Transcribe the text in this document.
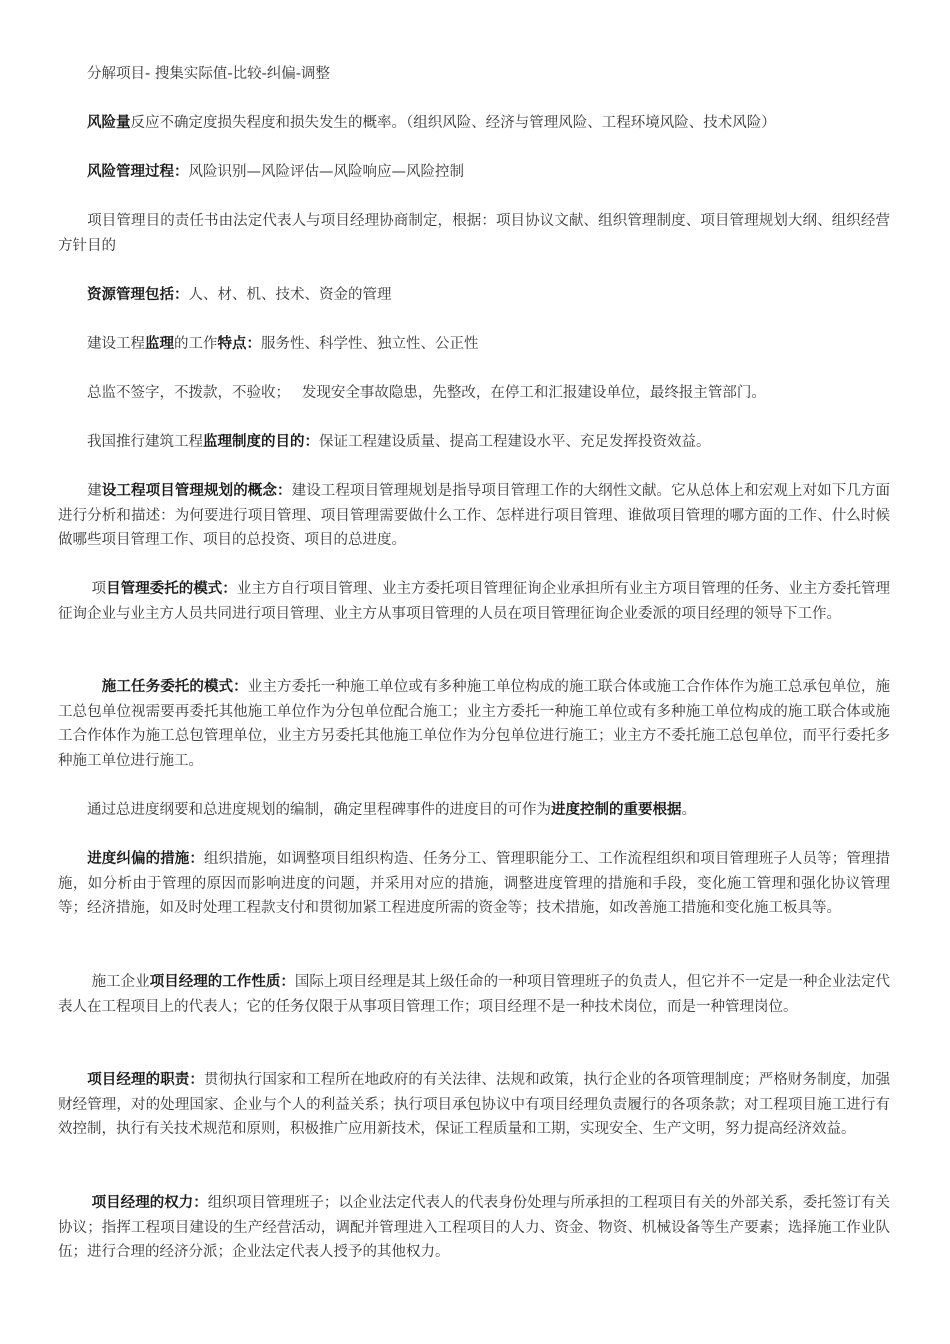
　　分解项目- 搜集实际值-比较-纠偏-调整

　　风险量反应不确定度损失程度和损失发生的概率。（组织风险、经济与管理风险、工程环境风险、技术风险）

　　风险管理过程：风险识别—风险评估—风险响应—风险控制

　　项目管理目的责任书由法定代表人与项目经理协商制定，根据：项目协议文献、组织管理制度、项目管理规划大纲、组织经营方针目的

　　资源管理包括：人、材、机、技术、资金的管理

　　建设工程监理的工作特点：服务性、科学性、独立性、公正性

　　总监不签字，不拨款，不验收；　 发现安全事故隐患，先整改，在停工和汇报建设单位，最终报主管部门。

　　我国推行建筑工程监理制度的目的：保证工程建设质量、提高工程建设水平、充足发挥投资效益。

　　建设工程项目管理规划的概念：建设工程项目管理规划是指导项目管理工作的大纲性文献。它从总体上和宏观上对如下几方面进行分析和描述：为何要进行项目管理、项目管理需要做什么工作、怎样进行项目管理、谁做项目管理的哪方面的工作、什么时候做哪些项目管理工作、项目的总投资、项目的总进度。

　　 项目管理委托的模式：业主方自行项目管理、业主方委托项目管理征询企业承担所有业主方项目管理的任务、业主方委托管理征询企业与业主方人员共同进行项目管理、业主方从事项目管理的人员在项目管理征询企业委派的项目经理的领导下工作。

　　　施工任务委托的模式：业主方委托一种施工单位或有多种施工单位构成的施工联合体或施工合作体作为施工总承包单位，施工总包单位视需要再委托其他施工单位作为分包单位配合施工；业主方委托一种施工单位或有多种施工单位构成的施工联合体或施工合作体作为施工总包管理单位，业主方另委托其他施工单位作为分包单位进行施工；业主方不委托施工总包单位，而平行委托多种施工单位进行施工。

　　通过总进度纲要和总进度规划的编制，确定里程碑事件的进度目的可作为进度控制的重要根据。

　　进度纠偏的措施：组织措施，如调整项目组织构造、任务分工、管理职能分工、工作流程组织和项目管理班子人员等；管理措施，如分析由于管理的原因而影响进度的问题，并采用对应的措施，调整进度管理的措施和手段，变化施工管理和强化协议管理等；经济措施，如及时处理工程款支付和贯彻加紧工程进度所需的资金等；技术措施，如改善施工措施和变化施工板具等。

　　 施工企业项目经理的工作性质：国际上项目经理是其上级任命的一种项目管理班子的负责人，但它并不一定是一种企业法定代表人在工程项目上的代表人；它的任务仅限于从事项目管理工作；项目经理不是一种技术岗位，而是一种管理岗位。

　　项目经理的职责：贯彻执行国家和工程所在地政府的有关法律、法规和政策，执行企业的各项管理制度；严格财务制度，加强财经管理，对的处理国家、企业与个人的利益关系；执行项目承包协议中有项目经理负责履行的各项条款；对工程项目施工进行有效控制，执行有关技术规范和原则，积极推广应用新技术，保证工程质量和工期，实现安全、生产文明，努力提高经济效益。

　　 项目经理的权力：组织项目管理班子；以企业法定代表人的代表身份处理与所承担的工程项目有关的外部关系，委托签订有关协议；指挥工程项目建设的生产经营活动，调配并管理进入工程项目的人力、资金、物资、机械设备等生产要素；选择施工作业队伍；进行合理的经济分派；企业法定代表人授予的其他权力。
